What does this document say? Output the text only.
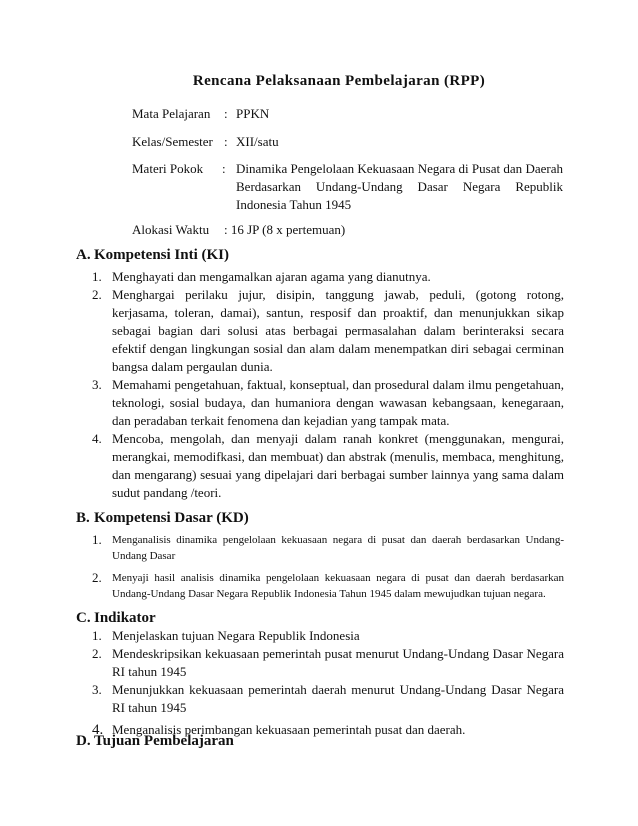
Rencana Pelaksanaan Pembelajaran (RPP)
Mata Pelajaran : PPKN
Kelas/Semester : XII/satu
Materi Pokok : Dinamika Pengelolaan Kekuasaan Negara di Pusat dan Daerah Berdasarkan Undang-Undang Dasar Negara Republik Indonesia Tahun 1945
Alokasi Waktu : 16 JP (8 x pertemuan)
A. Kompetensi Inti (KI)
1. Menghayati dan mengamalkan ajaran agama yang dianutnya.
2. Menghargai perilaku jujur, disipin, tanggung jawab, peduli, (gotong rotong, kerjasama, toleran, damai), santun, resposif dan proaktif, dan menunjukkan sikap sebagai bagian dari solusi atas berbagai permasalahan dalam berinteraksi secara efektif dengan lingkungan sosial dan alam dalam menempatkan diri sebagai cerminan bangsa dalam pergaulan dunia.
3. Memahami pengetahuan, faktual, konseptual, dan prosedural dalam ilmu pengetahuan, teknologi, sosial budaya, dan humaniora dengan wawasan kebangsaan, kenegaraan, dan peradaban terkait fenomena dan kejadian yang tampak mata.
4. Mencoba, mengolah, dan menyaji dalam ranah konkret (menggunakan, mengurai, merangkai, memodifkasi, dan membuat) dan abstrak (menulis, membaca, menghitung, dan mengarang) sesuai yang dipelajari dari berbagai sumber lainnya yang sama dalam sudut pandang /teori.
B. Kompetensi Dasar (KD)
1. Menganalisis dinamika pengelolaan kekuasaan negara di pusat dan daerah berdasarkan Undang-Undang Dasar
2. Menyaji hasil analisis dinamika pengelolaan kekuasaan negara di pusat dan daerah berdasarkan Undang-Undang Dasar Negara Republik Indonesia Tahun 1945 dalam mewujudkan tujuan negara.
C. Indikator
1. Menjelaskan tujuan Negara Republik Indonesia
2. Mendeskripsikan kekuasaan pemerintah pusat menurut Undang-Undang Dasar Negara RI tahun 1945
3. Menunjukkan kekuasaan pemerintah daerah menurut Undang-Undang Dasar Negara RI tahun 1945
4. Menganalisis perimbangan kekuasaan pemerintah pusat dan daerah.
D. Tujuan Pembelajaran
